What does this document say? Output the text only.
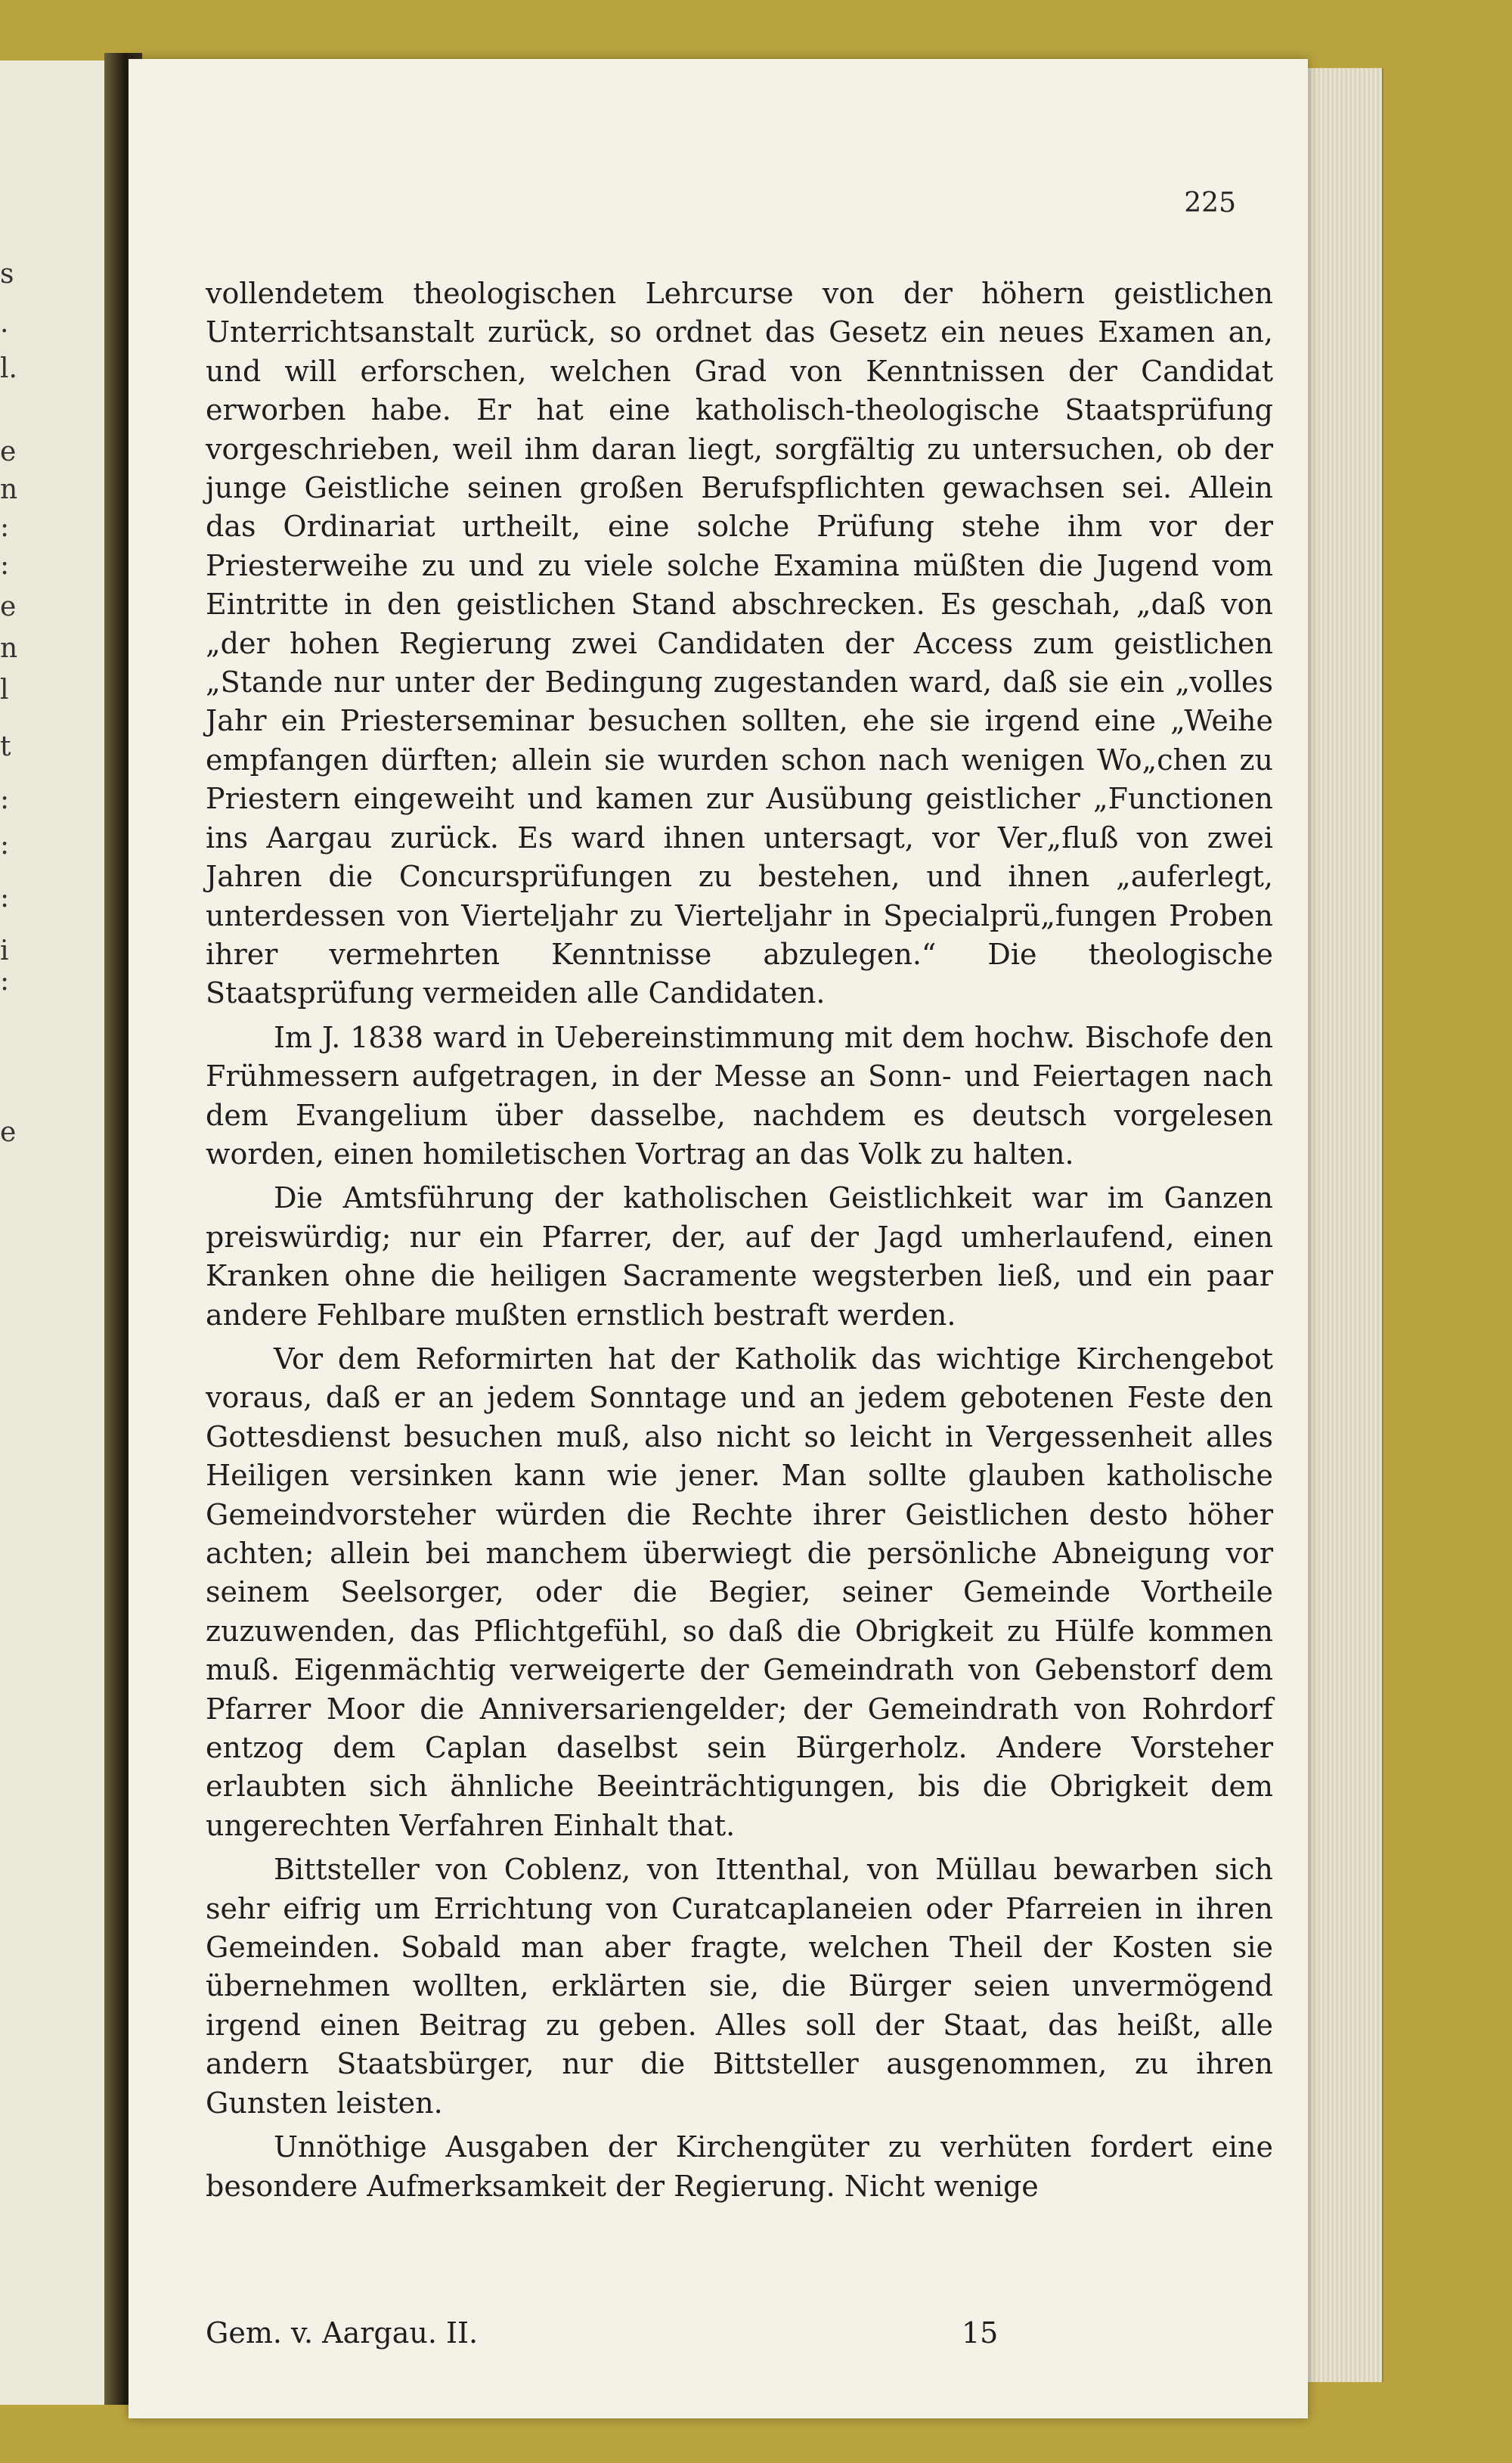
s
.
l.
e
n
:
:
e
n
l
t
:
:
:
i
:
e
225

vollendetem theologischen Lehrcurse von der höhern geistlichen Unterrichtsanstalt zurück, so ordnet das Gesetz ein neues Examen an, und will erforschen, welchen Grad von Kenntnissen der Candidat erworben habe. Er hat eine katholisch-theologische Staatsprüfung vorgeschrieben, weil ihm daran liegt, sorgfältig zu untersuchen, ob der junge Geistliche seinen großen Berufspflichten gewachsen sei. Allein das Ordinariat urtheilt, eine solche Prüfung stehe ihm vor der Priesterweihe zu und zu viele solche Examina müßten die Jugend vom Eintritte in den geistlichen Stand abschrecken. Es geschah, „daß von „der hohen Regierung zwei Candidaten der Access zum geistlichen „Stande nur unter der Bedingung zugestanden ward, daß sie ein „volles Jahr ein Priesterseminar besuchen sollten, ehe sie irgend eine „Weihe empfangen dürften; allein sie wurden schon nach wenigen Wo„chen zu Priestern eingeweiht und kamen zur Ausübung geistlicher „Functionen ins Aargau zurück. Es ward ihnen untersagt, vor Ver„fluß von zwei Jahren die Concursprüfungen zu bestehen, und ihnen „auferlegt, unterdessen von Vierteljahr zu Vierteljahr in Specialprü„fungen Proben ihrer vermehrten Kenntnisse abzulegen.“ Die theologische Staatsprüfung vermeiden alle Candidaten.

Im J. 1838 ward in Uebereinstimmung mit dem hochw. Bischofe den Frühmessern aufgetragen, in der Messe an Sonn- und Feiertagen nach dem Evangelium über dasselbe, nachdem es deutsch vorgelesen worden, einen homiletischen Vortrag an das Volk zu halten.

Die Amtsführung der katholischen Geistlichkeit war im Ganzen preiswürdig; nur ein Pfarrer, der, auf der Jagd umherlaufend, einen Kranken ohne die heiligen Sacramente wegsterben ließ, und ein paar andere Fehlbare mußten ernstlich bestraft werden.

Vor dem Reformirten hat der Katholik das wichtige Kirchengebot voraus, daß er an jedem Sonntage und an jedem gebotenen Feste den Gottesdienst besuchen muß, also nicht so leicht in Vergessenheit alles Heiligen versinken kann wie jener. Man sollte glauben katholische Gemeindvorsteher würden die Rechte ihrer Geistlichen desto höher achten; allein bei manchem überwiegt die persönliche Abneigung vor seinem Seelsorger, oder die Begier, seiner Gemeinde Vortheile zuzuwenden, das Pflichtgefühl, so daß die Obrigkeit zu Hülfe kommen muß. Eigenmächtig verweigerte der Gemeindrath von Gebenstorf dem Pfarrer Moor die Anniversariengelder; der Gemeindrath von Rohrdorf entzog dem Caplan daselbst sein Bürgerholz. Andere Vorsteher erlaubten sich ähnliche Beeinträchtigungen, bis die Obrigkeit dem ungerechten Verfahren Einhalt that.

Bittsteller von Coblenz, von Ittenthal, von Müllau bewarben sich sehr eifrig um Errichtung von Curatcaplaneien oder Pfarreien in ihren Gemeinden. Sobald man aber fragte, welchen Theil der Kosten sie übernehmen wollten, erklärten sie, die Bürger seien unvermögend irgend einen Beitrag zu geben. Alles soll der Staat, das heißt, alle andern Staatsbürger, nur die Bittsteller ausgenommen, zu ihren Gunsten leisten.

Unnöthige Ausgaben der Kirchengüter zu verhüten fordert eine besondere Aufmerksamkeit der Regierung. Nicht wenige

Gem. v. Aargau. II.	15
